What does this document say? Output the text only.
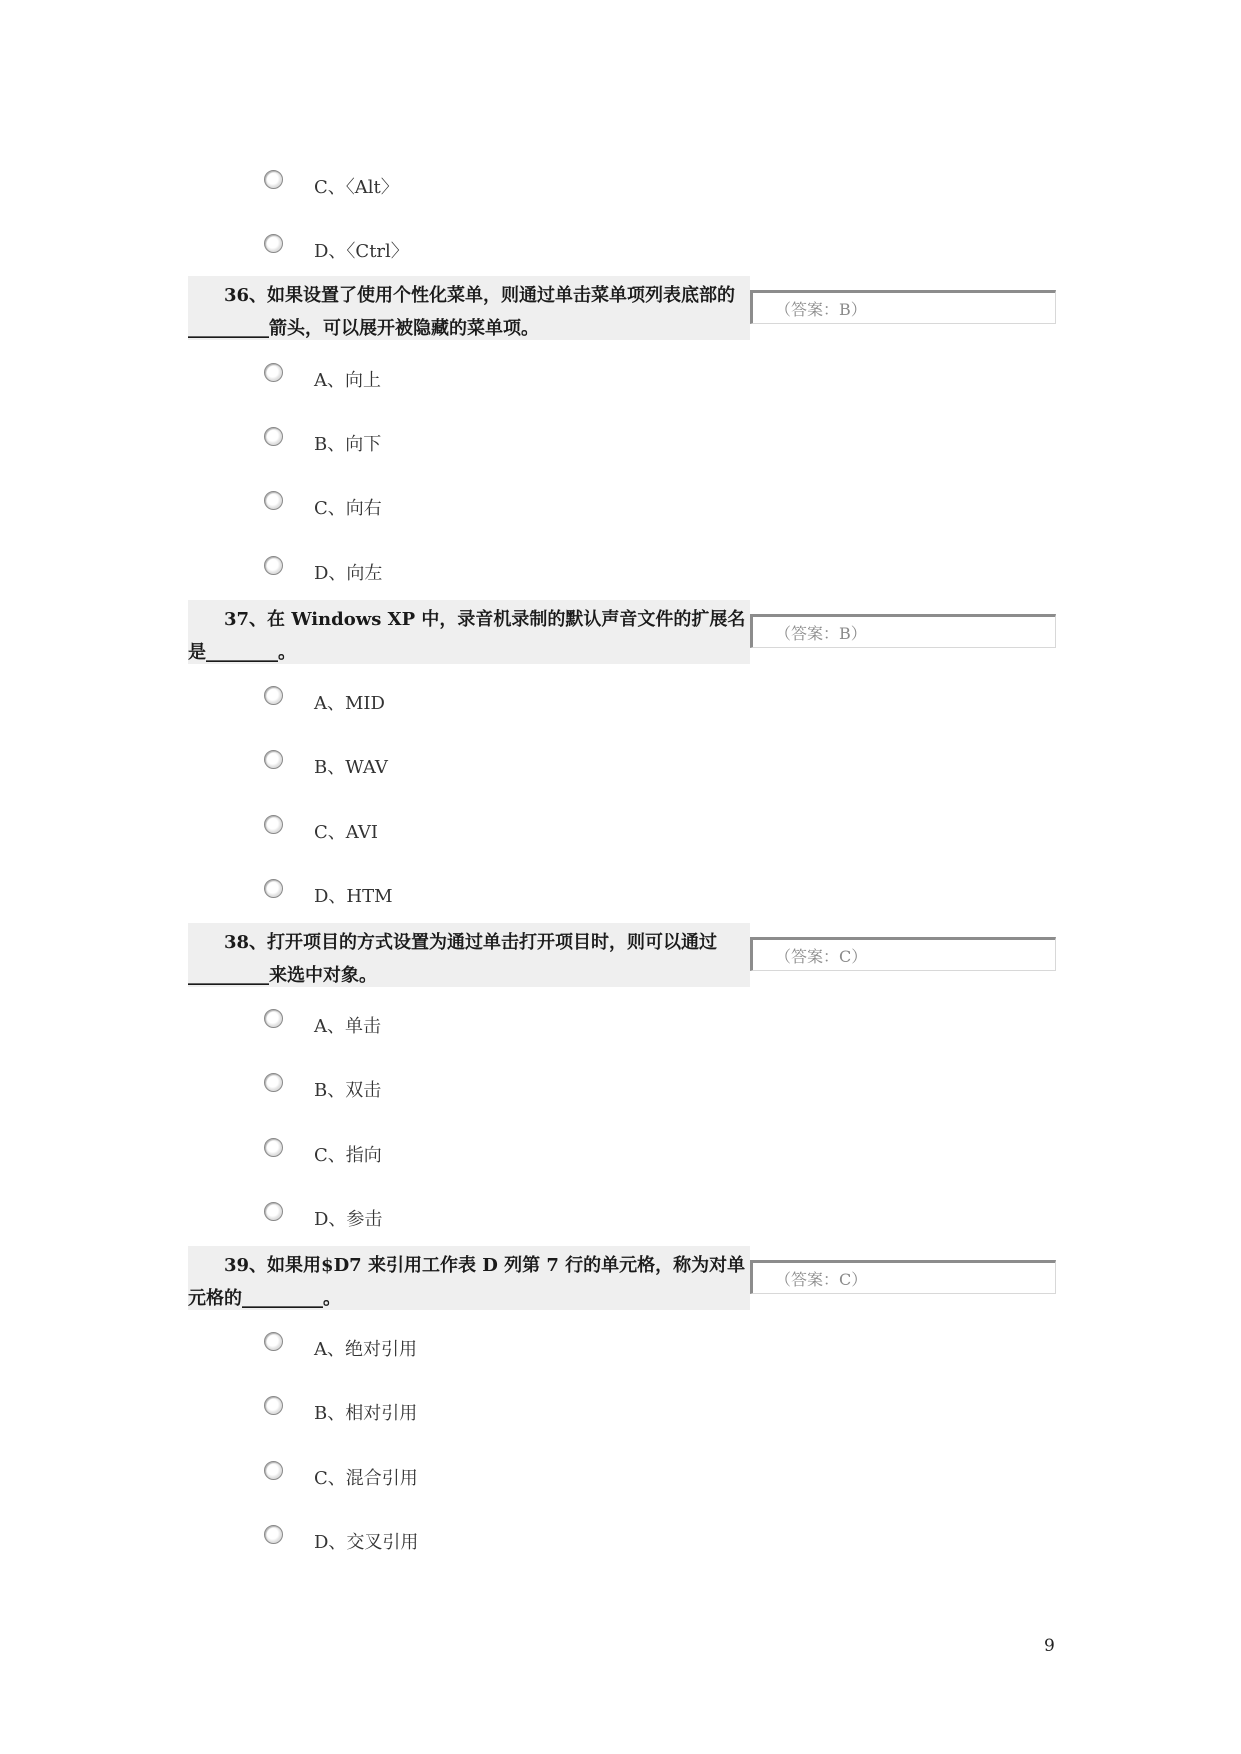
C、〈Alt〉
D、〈Ctrl〉
36、如果设置了使用个性化菜单，则通过单击菜单项列表底部的_________箭头，可以展开被隐藏的菜单项。
（答案：B）
A、向上
B、向下
C、向右
D、向左
37、在 Windows XP 中，录音机录制的默认声音文件的扩展名是________。
（答案：B）
A、MID
B、WAV
C、AVI
D、HTM
38、打开项目的方式设置为通过单击打开项目时，则可以通过_________来选中对象。
（答案：C）
A、单击
B、双击
C、指向
D、参击
39、如果用$D7 来引用工作表 D 列第 7 行的单元格，称为对单元格的_________。
（答案：C）
A、绝对引用
B、相对引用
C、混合引用
D、交叉引用
9
